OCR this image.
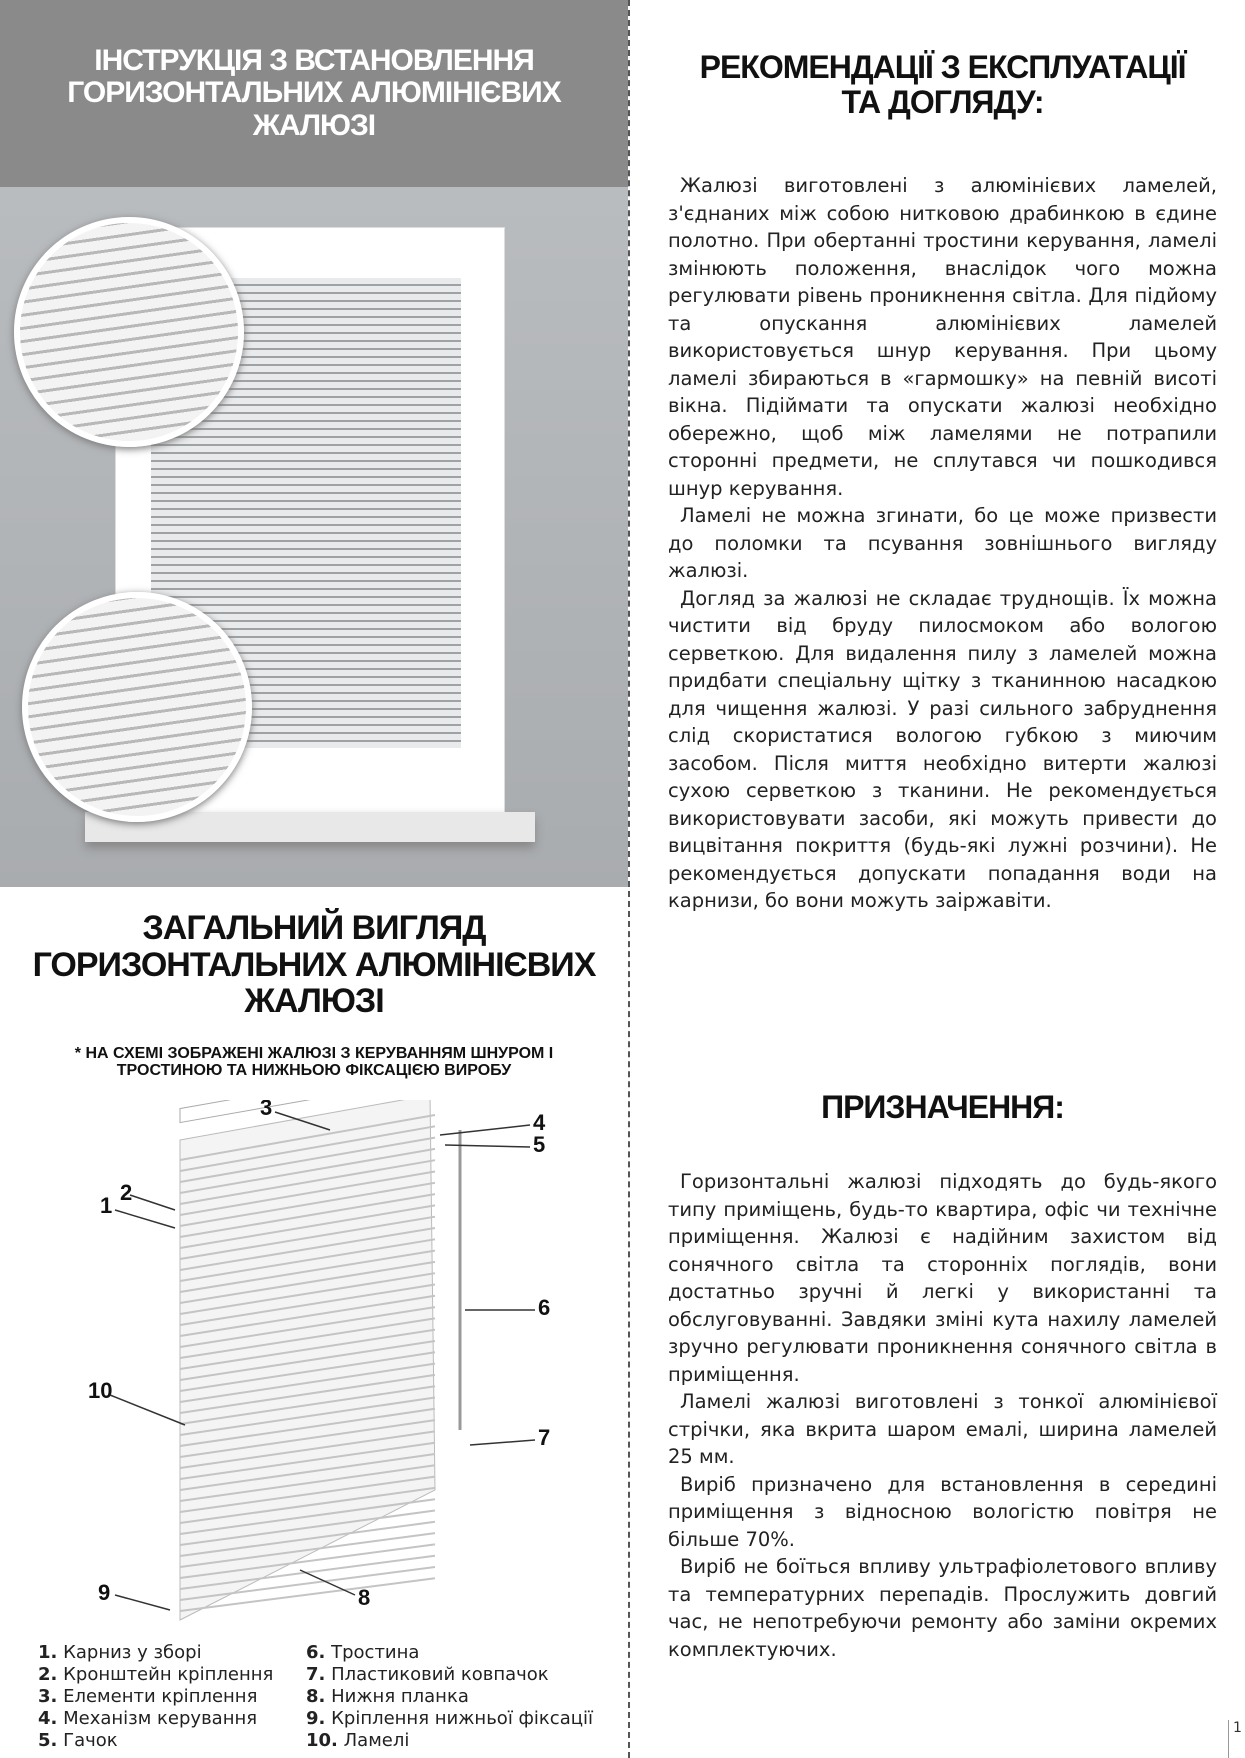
ІНСТРУКЦІЯ З ВСТАНОВЛЕННЯ
ГОРИЗОНТАЛЬНИХ АЛЮМІНІЄВИХ
ЖАЛЮЗІ
ЗАГАЛЬНИЙ ВИГЛЯД
ГОРИЗОНТАЛЬНИХ АЛЮМІНІЄВИХ
ЖАЛЮЗІ
* НА СХЕМІ ЗОБРАЖЕНІ ЖАЛЮЗІ З КЕРУВАННЯМ ШНУРОМ І
ТРОСТИНОЮ ТА НИЖНЬОЮ ФІКСАЦІЄЮ ВИРОБУ
3
4
5
2
1
6
10
7
9	8
1. Карниз у зборі
2. Кронштейн кріплення
3. Елементи кріплення
4. Механізм керування
5. Гачок
6. Тростина
7. Пластиковий ковпачок
8. Нижня планка
9. Кріплення нижньої фіксації
10. Ламелі
РЕКОМЕНДАЦІЇ З ЕКСПЛУАТАЦІЇ
ТА ДОГЛЯДУ:

Жалюзі виготовлені з алюмінієвих ламелей, з'єднаних між собою нитковою драбинкою в єдине полотно. При обертанні тростини керування, ламелі змінюють положення, внаслідок чого можна регулювати рівень проникнення світла. Для підйому та опускання алюмінієвих ламелей використовується шнур керування. При цьому ламелі збираються в «гармошку» на певній висоті вікна. Підіймати та опускати жалюзі необхідно обережно, щоб між ламелями не потрапили сторонні предмети, не сплутався чи пошкодився шнур керування.

Ламелі не можна згинати, бо це може призвести до поломки та псування зовнішнього вигляду жалюзі.

Догляд за жалюзі не складає труднощів. Їх можна чистити від бруду пилосмоком або вологою серветкою. Для видалення пилу з ламелей можна придбати спеціальну щітку з тканинною насадкою для чищення жалюзі. У разі сильного забруднення слід скористатися вологою губкою з миючим засобом. Після миття необхідно витерти жалюзі сухою серветкою з тканини. Не рекомендується використовувати засоби, які можуть привести до вицвітання покриття (будь-які лужні розчини). Не рекомендується допускати попадання води на карнизи, бо вони можуть заіржавіти.

ПРИЗНАЧЕННЯ:

Горизонтальні жалюзі підходять до будь-якого типу приміщень, будь-то квартира, офіс чи технічне приміщення. Жалюзі є надійним захистом від сонячного світла та сторонніх поглядів, вони достатньо зручні й легкі у використанні та обслуговуванні. Завдяки зміні кута нахилу ламелей зручно регулювати проникнення сонячного світла в приміщення.

Ламелі жалюзі виготовлені з тонкої алюмінієвої стрічки, яка вкрита шаром емалі, ширина ламелей 25 мм.

Виріб призначено для встановлення в середині приміщення з відносною вологістю повітря не більше 70%.

Виріб не боїться впливу ультрафіолетового впливу та температурних перепадів. Прослужить довгий час, не непотребуючи ремонту або заміни окремих комплектуючих.

1
